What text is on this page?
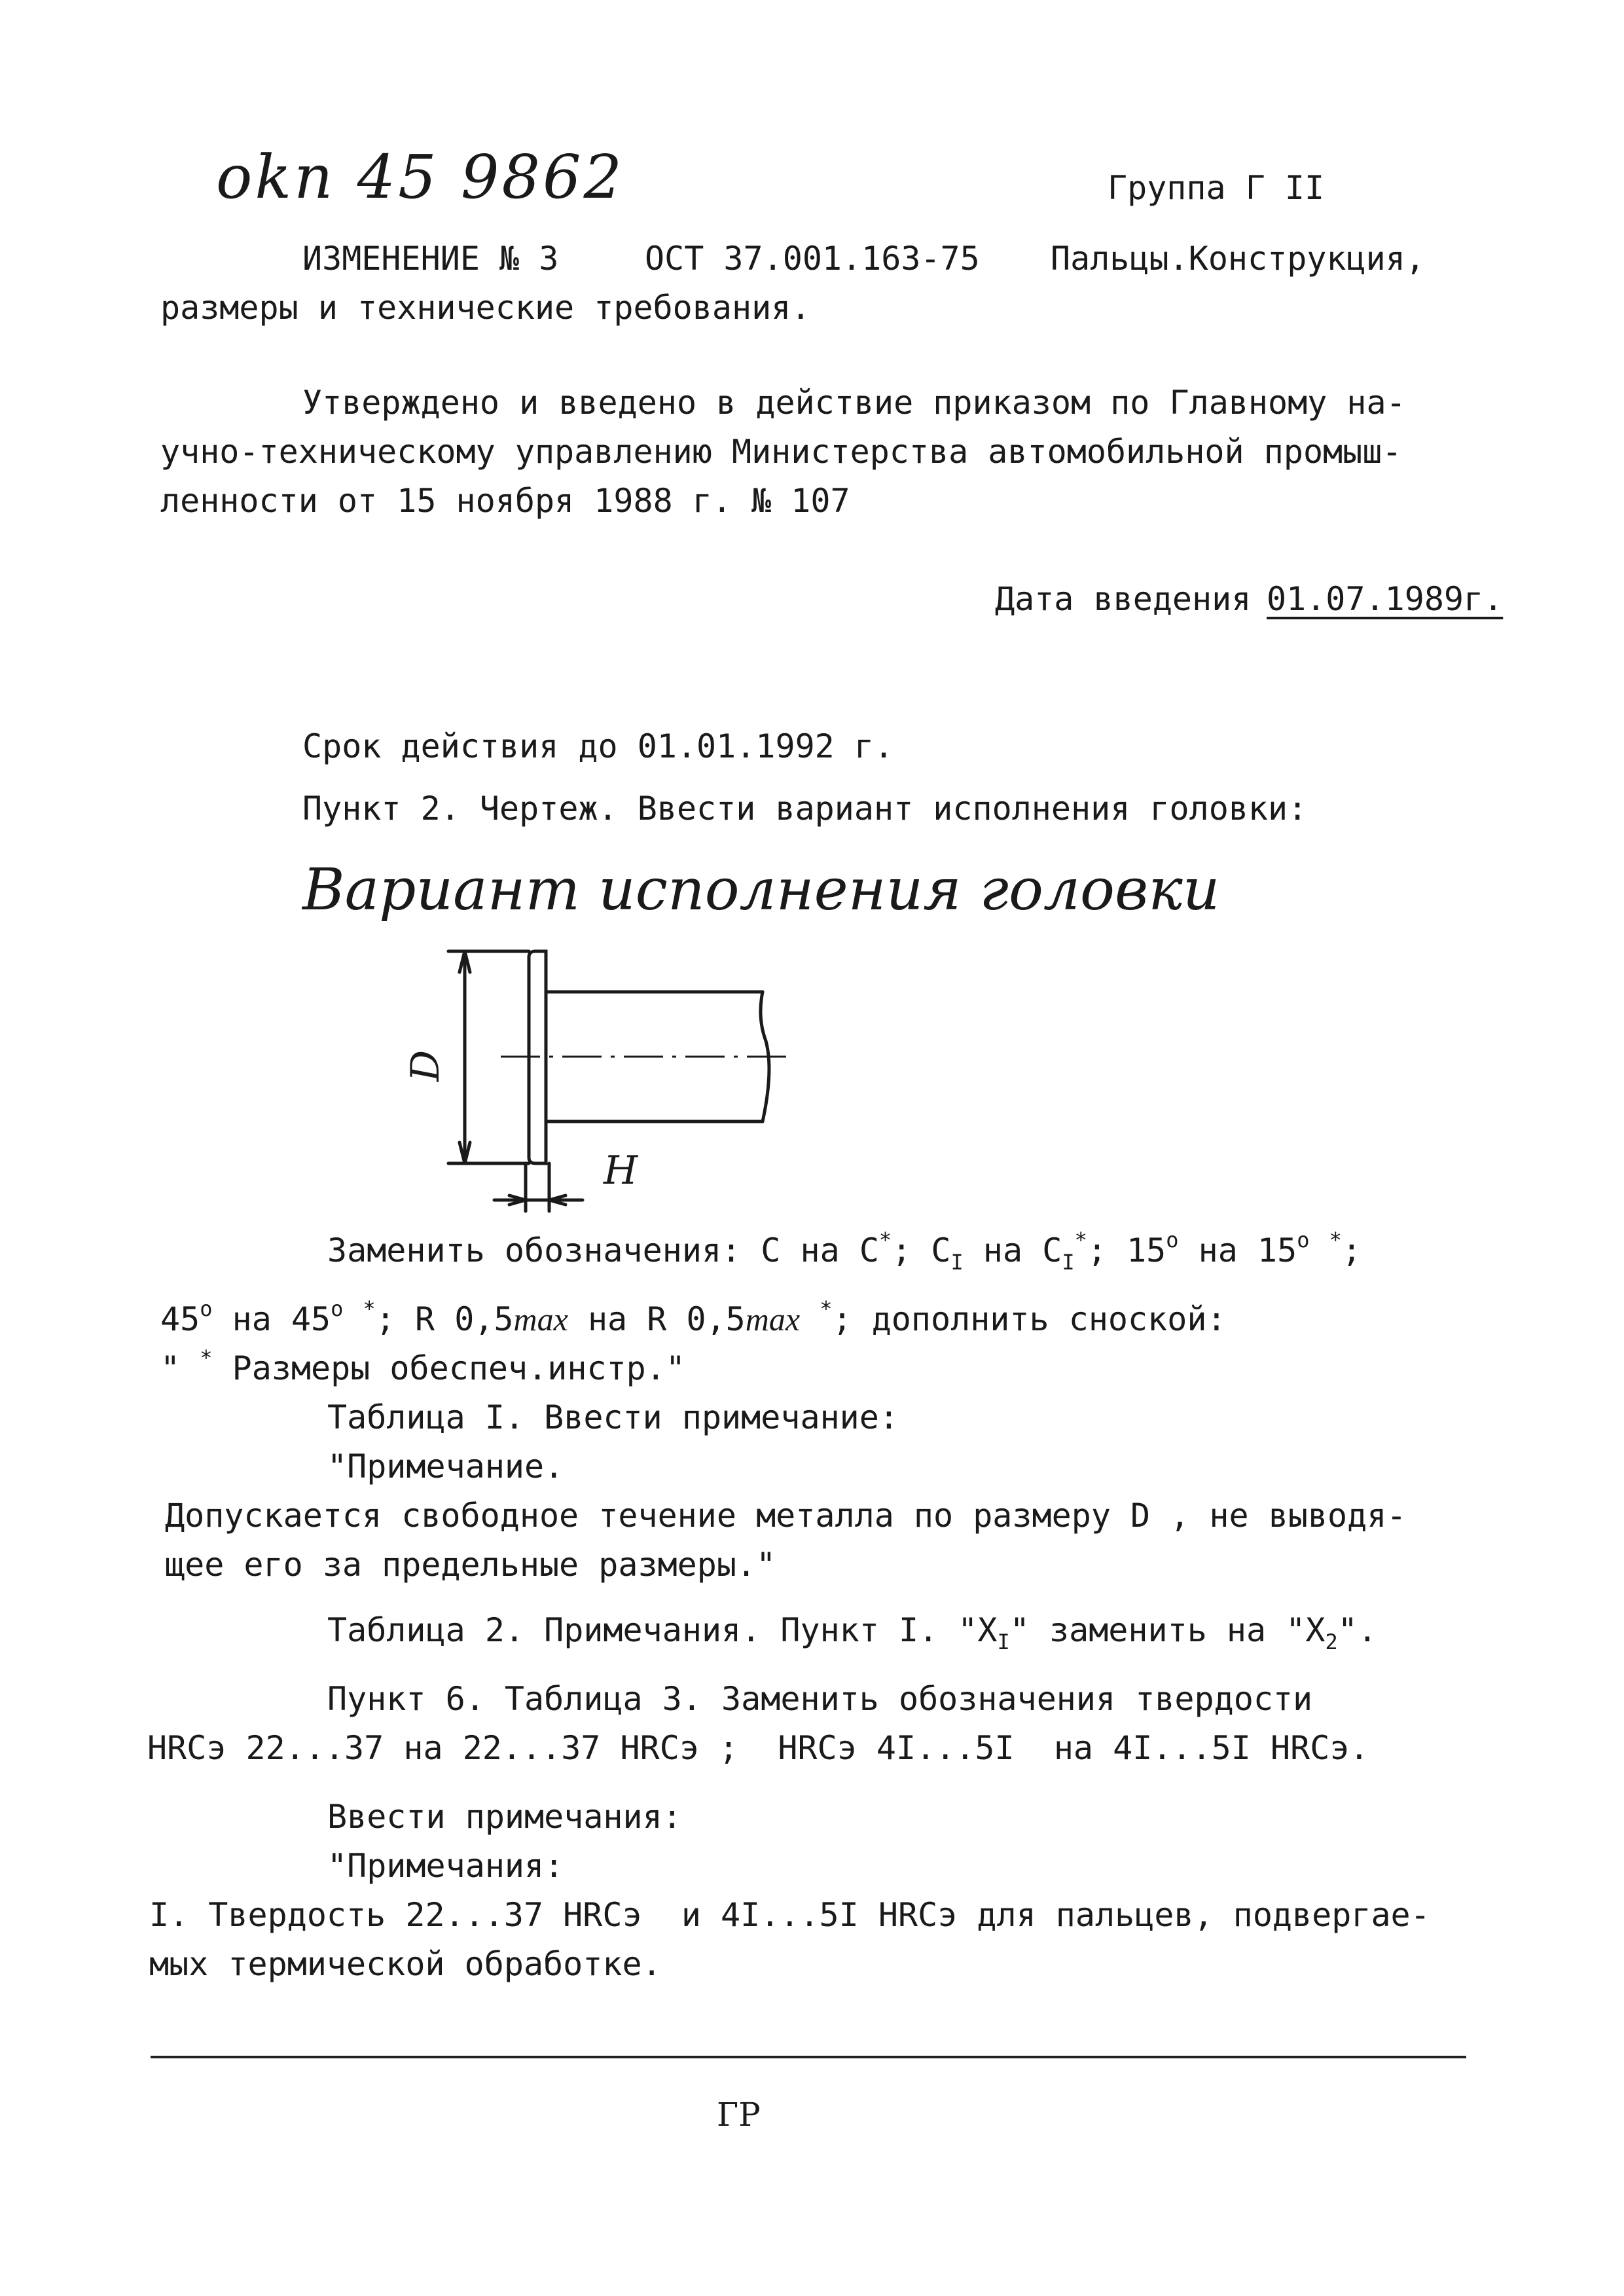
okп 45 9862	Группа Г II
ИЗМЕНЕНИЕ № 3	ОСТ 37.001.163-75 Пальцы.Конструкция,
размеры и технические требования.
Утверждено и введено в действие приказом по Главному на-
учно-техническому управлению Министерства автомобильной промыш-
ленности от 15 ноября 1988 г. № 107
Дата введения 01.07.1989г.
Срок действия до 01.01.1992 г.
Пункт 2. Чертеж. Ввести вариант исполнения головки:
Вариант исполнения головки
D
H
Заменить обозначения: C на C*; $C_I$ на $C_I^*$; 15$^o$ на 15$^o$ *;
45$^o$ на 45$^o$ *; R 0,5max на R 0,5max *; дополнить сноской:
" * Размеры обеспеч.инстр."
Таблица I. Ввести примечание:
"Примечание.
Допускается свободное течение металла по размеру D , не выводя-
щее его за предельные размеры."
Таблица 2. Примечания. Пункт I. "$X_I$" заменить на "$X_2$".
Пункт 6. Таблица 3. Заменить обозначения твердости
HRCэ 22...37 на 22...37 HRCэ ;  HRCэ 4I...5I на 4I...5I HRCэ.
Ввести примечания:
"Примечания:
I. Твердость 22...37 HRCэ и 4I...5I HRCэ для пальцев, подвергае-
мых термической обработке.
ГР
